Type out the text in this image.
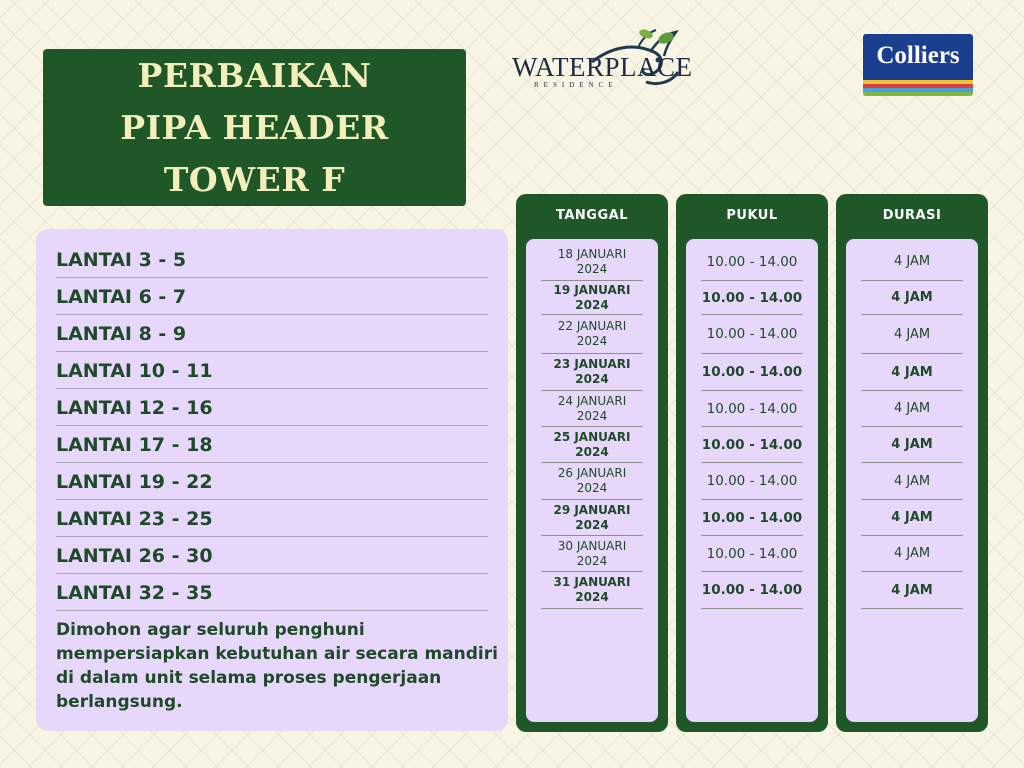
PERBAIKAN
PIPA HEADER
TOWER F
WATERPLACE
RESIDENCE
Colliers
LANTAI 3 - 5
LANTAI 6 - 7
LANTAI 8 - 9
LANTAI 10 - 11
LANTAI 12 - 16
LANTAI 17 - 18
LANTAI 19 - 22
LANTAI 23 - 25
LANTAI 26 - 30
LANTAI 32 - 35
Dimohon agar seluruh penghuni mempersiapkan kebutuhan air secara mandiri di dalam unit selama proses pengerjaan berlangsung.
TANGGAL
18 JANUARI 2024
19 JANUARI 2024
22 JANUARI 2024
23 JANUARI 2024
24 JANUARI 2024
25 JANUARI 2024
26 JANUARI 2024
29 JANUARI 2024
30 JANUARI 2024
31 JANUARI 2024
PUKUL
10.00 - 14.00
10.00 - 14.00
10.00 - 14.00
10.00 - 14.00
10.00 - 14.00
10.00 - 14.00
10.00 - 14.00
10.00 - 14.00
10.00 - 14.00
10.00 - 14.00
DURASI
4 JAM
4 JAM
4 JAM
4 JAM
4 JAM
4 JAM
4 JAM
4 JAM
4 JAM
4 JAM
